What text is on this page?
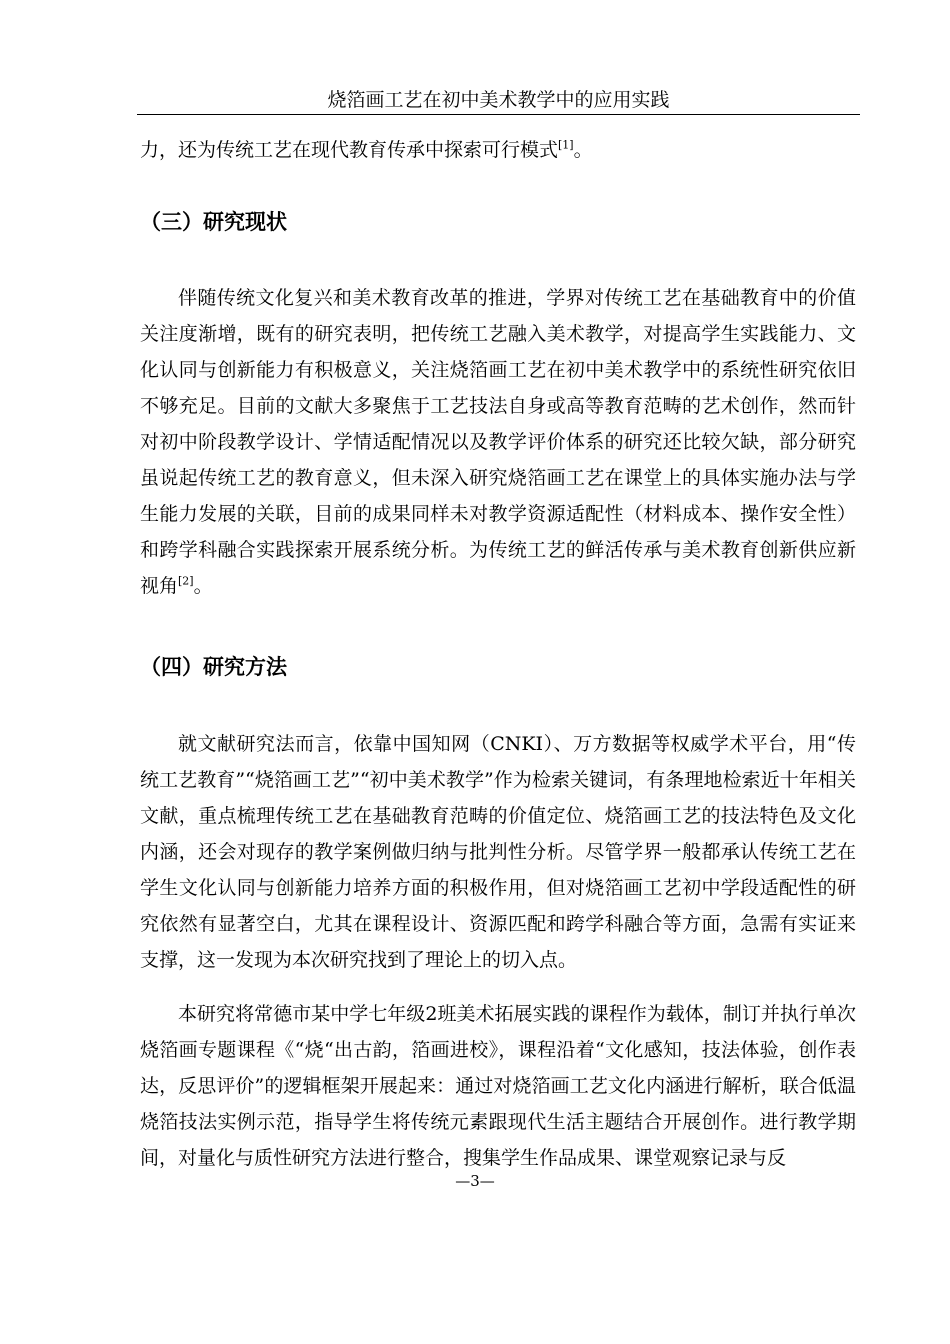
烧箔画工艺在初中美术教学中的应用实践

力，还为传统工艺在现代教育传承中探索可行模式[1]。

（三）研究现状

伴随传统文化复兴和美术教育改革的推进，学界对传统工艺在基础教育中的价值关注度渐增，既有的研究表明，把传统工艺融入美术教学，对提高学生实践能力、文化认同与创新能力有积极意义，关注烧箔画工艺在初中美术教学中的系统性研究依旧不够充足。目前的文献大多聚焦于工艺技法自身或高等教育范畴的艺术创作，然而针对初中阶段教学设计、学情适配情况以及教学评价体系的研究还比较欠缺，部分研究虽说起传统工艺的教育意义，但未深入研究烧箔画工艺在课堂上的具体实施办法与学生能力发展的关联，目前的成果同样未对教学资源适配性（材料成本、操作安全性）和跨学科融合实践探索开展系统分析。为传统工艺的鲜活传承与美术教育创新供应新视角[2]。

（四）研究方法

就文献研究法而言，依靠中国知网（CNKI）、万方数据等权威学术平台，用“传统工艺教育”“烧箔画工艺”“初中美术教学”作为检索关键词，有条理地检索近十年相关文献，重点梳理传统工艺在基础教育范畴的价值定位、烧箔画工艺的技法特色及文化内涵，还会对现存的教学案例做归纳与批判性分析。尽管学界一般都承认传统工艺在学生文化认同与创新能力培养方面的积极作用，但对烧箔画工艺初中学段适配性的研究依然有显著空白，尤其在课程设计、资源匹配和跨学科融合等方面，急需有实证来支撑，这一发现为本次研究找到了理论上的切入点。

本研究将常德市某中学七年级2班美术拓展实践的课程作为载体，制订并执行单次烧箔画专题课程《“烧“出古韵，箔画进校》，课程沿着“文化感知，技法体验，创作表达，反思评价”的逻辑框架开展起来：通过对烧箔画工艺文化内涵进行解析，联合低温烧箔技法实例示范，指导学生将传统元素跟现代生活主题结合开展创作。进行教学期间，对量化与质性研究方法进行整合，搜集学生作品成果、课堂观察记录与反

—3—
